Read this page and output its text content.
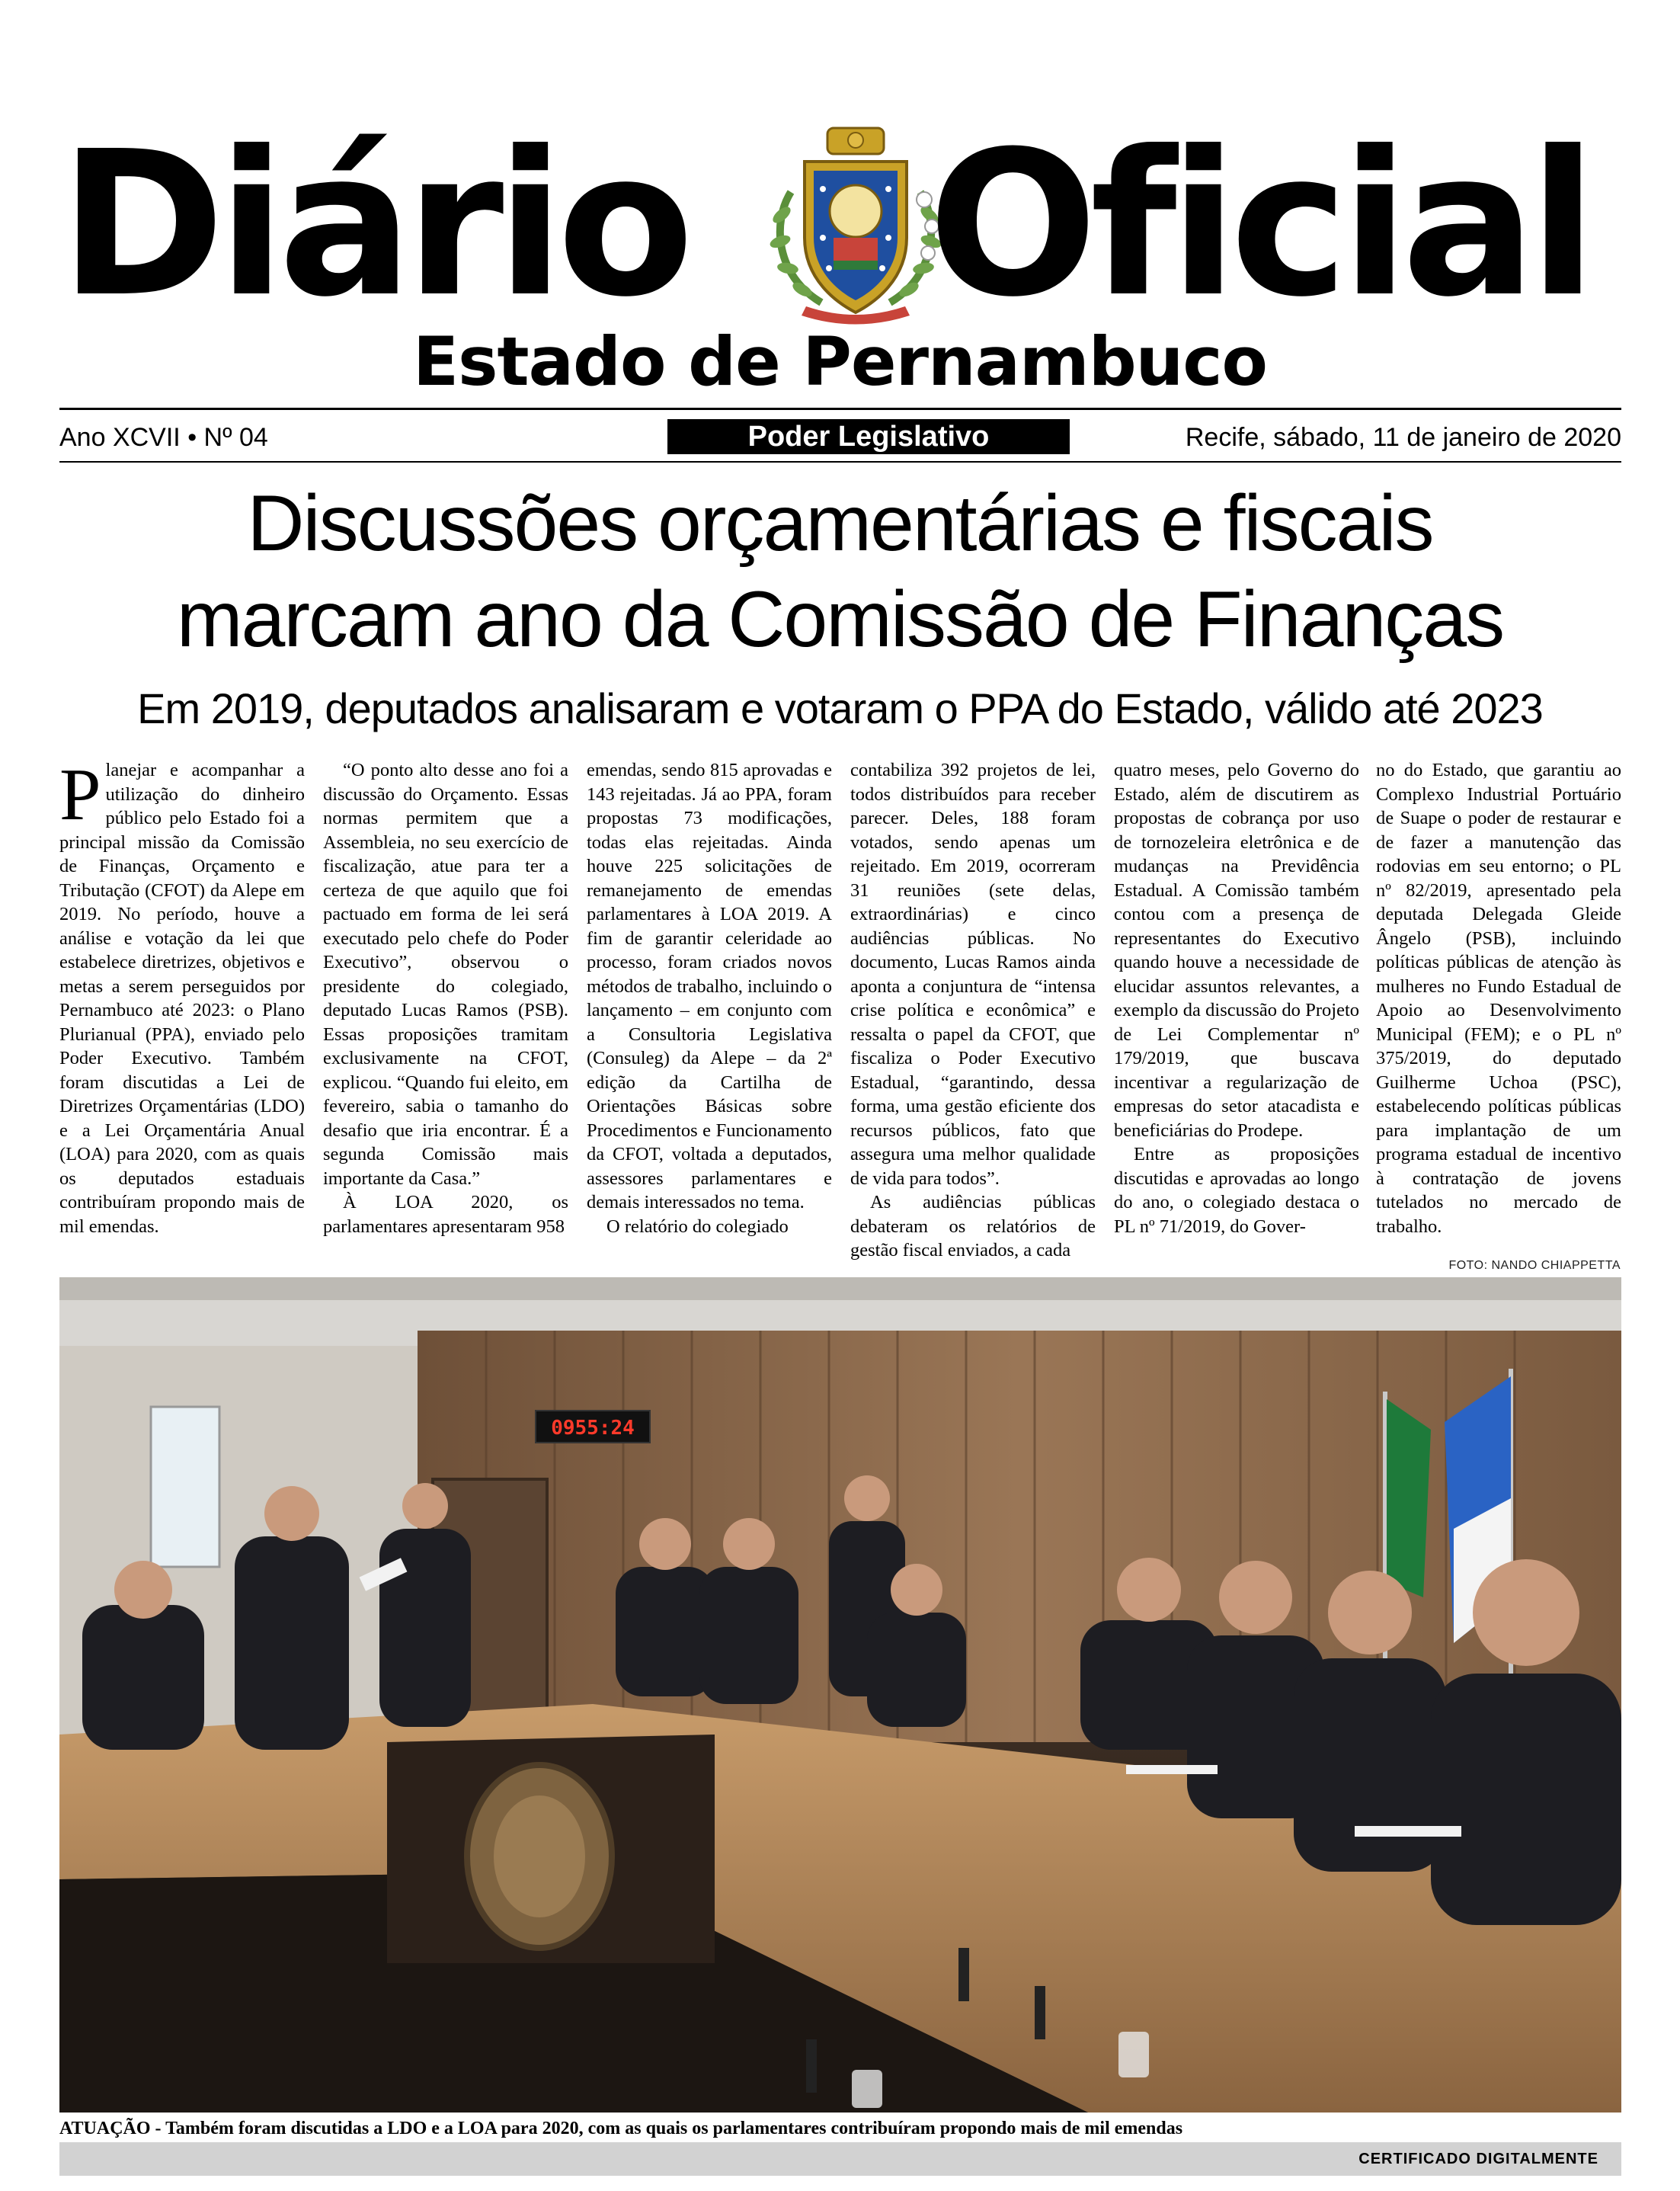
Diário Oficial
Estado de Pernambuco
Ano XCVII • Nº 04	Poder Legislativo	Recife, sábado, 11 de janeiro de 2020
Discussões orçamentárias e fiscais
marcam ano da Comissão de Finanças
Em 2019, deputados analisaram e votaram o PPA do Estado, válido até 2023

Planejar e acompanhar a utilização do dinheiro público pelo Estado foi a principal missão da Comissão de Finanças, Orçamento e Tributação (CFOT) da Alepe em 2019. No período, houve a análise e votação da lei que estabelece diretrizes, objetivos e metas a serem perseguidos por Pernambuco até 2023: o Plano Plurianual (PPA), enviado pelo Poder Executivo. Também foram discutidas a Lei de Diretrizes Orçamentárias (LDO) e a Lei Orçamentária Anual (LOA) para 2020, com as quais os deputados estaduais contribuíram propondo mais de mil emendas.

“O ponto alto desse ano foi a discussão do Orçamento. Essas normas permitem que a Assembleia, no seu exercício de fiscalização, atue para ter a certeza de que aquilo que foi pactuado em forma de lei será executado pelo chefe do Poder Executivo”, observou o presidente do colegiado, deputado Lucas Ramos (PSB). Essas proposições tramitam exclusivamente na CFOT, explicou. “Quando fui eleito, em fevereiro, sabia o tamanho do desafio que iria encontrar. É a segunda Comissão mais importante da Casa.”

À LOA 2020, os parlamentares apresentaram 958

emendas, sendo 815 aprovadas e 143 rejeitadas. Já ao PPA, foram propostas 73 modificações, todas elas rejeitadas. Ainda houve 225 solicitações de remanejamento de emendas parlamentares à LOA 2019. A fim de garantir celeridade ao processo, foram criados novos métodos de trabalho, incluindo o lançamento – em conjunto com a Consultoria Legislativa (Consuleg) da Alepe – da 2ª edição da Cartilha de Orientações Básicas sobre Procedimentos e Funcionamento da CFOT, voltada a deputados, assessores parlamentares e demais interessados no tema.

O relatório do colegiado

contabiliza 392 projetos de lei, todos distribuídos para receber parecer. Deles, 188 foram votados, sendo apenas um rejeitado. Em 2019, ocorreram 31 reuniões (sete delas, extraordinárias) e cinco audiências públicas. No documento, Lucas Ramos ainda aponta a conjuntura de “intensa crise política e econômica” e ressalta o papel da CFOT, que fiscaliza o Poder Executivo Estadual, “garantindo, dessa forma, uma gestão eficiente dos recursos públicos, fato que assegura uma melhor qualidade de vida para todos”.

As audiências públicas debateram os relatórios de gestão fiscal enviados, a cada

quatro meses, pelo Governo do Estado, além de discutirem as propostas de cobrança por uso de tornozeleira eletrônica e de mudanças na Previdência Estadual. A Comissão também contou com a presença de representantes do Executivo quando houve a necessidade de elucidar assuntos relevantes, a exemplo da discussão do Projeto de Lei Complementar nº 179/2019, que buscava incentivar a regularização de empresas do setor atacadista e beneficiárias do Prodepe.

Entre as proposições discutidas e aprovadas ao longo do ano, o colegiado destaca o PL nº 71/2019, do Gover-

no do Estado, que garantiu ao Complexo Industrial Portuário de Suape o poder de restaurar e de fazer a manutenção das rodovias em seu entorno; o PL nº 82/2019, apresentado pela deputada Delegada Gleide Ângelo (PSB), incluindo políticas públicas de atenção às mulheres no Fundo Estadual de Apoio ao Desenvolvimento Municipal (FEM); e o PL nº 375/2019, do deputado Guilherme Uchoa (PSC), estabelecendo políticas públicas para implantação de um programa estadual de incentivo à contratação de jovens tutelados no mercado de trabalho.

FOTO: NANDO CHIAPPETTA
0955:24
ATUAÇÃO - Também foram discutidas a LDO e a LOA para 2020, com as quais os parlamentares contribuíram propondo mais de mil emendas
CERTIFICADO DIGITALMENTE
